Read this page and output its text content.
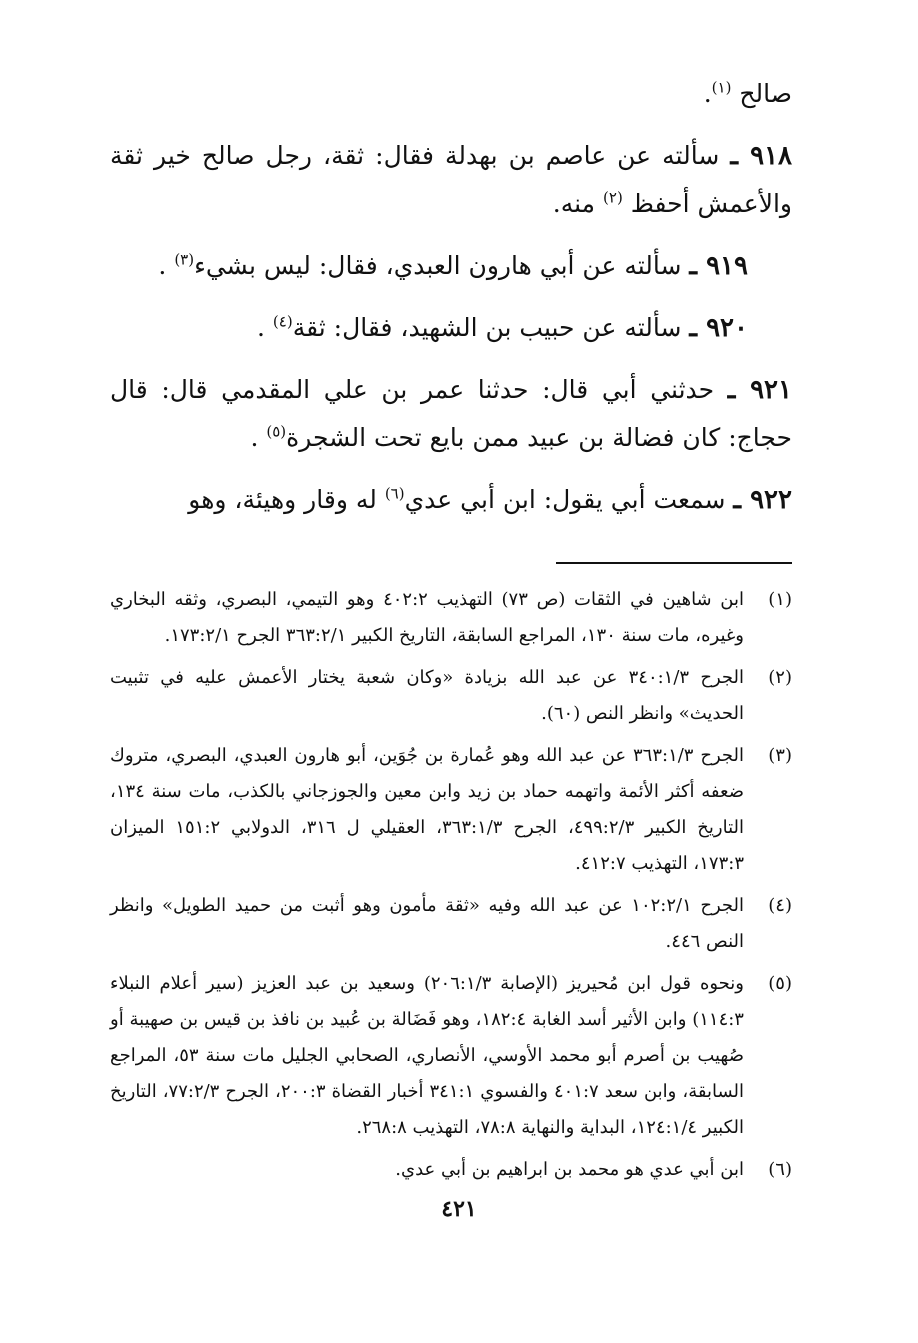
صالح $^{(١)}$.

٩١٨ ـ سألته عن عاصم بن بهدلة فقال: ثقة، رجل صالح خير ثقة والأعمش أحفظ $^{(٢)}$ منه.

٩١٩ ـ سألته عن أبي هارون العبدي، فقال: ليس بشيء$^{(٣)}$ .

٩٢٠ ـ سألته عن حبيب بن الشهيد، فقال: ثقة$^{(٤)}$ .

٩٢١ ـ حدثني أبي قال: حدثنا عمر بن علي المقدمي قال: قال حجاج: كان فضالة بن عبيد ممن بايع تحت الشجرة$^{(٥)}$ .

٩٢٢ ـ سمعت أبي يقول: ابن أبي عدي$^{(٦)}$ له وقار وهيئة، وهو

(١)
ابن شاهين في الثقات (ص ٧٣) التهذيب ٤٠٢:٢ وهو التيمي، البصري، وثقه البخاري وغيره، مات سنة ١٣٠، المراجع السابقة، التاريخ الكبير ٣٦٣:٢/١ الجرح ١٧٣:٢/١.
(٢)
الجرح ٣٤٠:١/٣ عن عبد الله بزيادة «وكان شعبة يختار الأعمش عليه في تثبيت الحديث» وانظر النص (٦٠).
(٣)
الجرح ٣٦٣:١/٣ عن عبد الله وهو عُمارة بن جُوَين، أبو هارون العبدي، البصري، متروك ضعفه أكثر الأئمة واتهمه حماد بن زيد وابن معين والجوزجاني بالكذب، مات سنة ١٣٤، التاريخ الكبير ٤٩٩:٢/٣، الجرح ٣٦٣:١/٣، العقيلي ل ٣١٦، الدولابي ١٥١:٢ الميزان ١٧٣:٣، التهذيب ٤١٢:٧.
(٤)
الجرح ١٠٢:٢/١ عن عبد الله وفيه «ثقة مأمون وهو أثبت من حميد الطويل» وانظر النص ٤٤٦.
(٥)
ونحوه قول ابن مُحيريز (الإصابة ٢٠٦:١/٣) وسعيد بن عبد العزيز (سير أعلام النبلاء ١١٤:٣) وابن الأثير أسد الغابة ١٨٢:٤، وهو فَضَالة بن عُبيد بن نافذ بن قيس بن صهيبة أو صُهيب بن أصرم أبو محمد الأوسي، الأنصاري، الصحابي الجليل مات سنة ٥٣، المراجع السابقة، وابن سعد ٤٠١:٧ والفسوي ٣٤١:١ أخبار القضاة ٢٠٠:٣، الجرح ٧٧:٢/٣، التاريخ الكبير ١٢٤:١/٤، البداية والنهاية ٧٨:٨، التهذيب ٢٦٨:٨.
(٦)
ابن أبي عدي هو محمد بن ابراهيم بن أبي عدي.
٤٢١
